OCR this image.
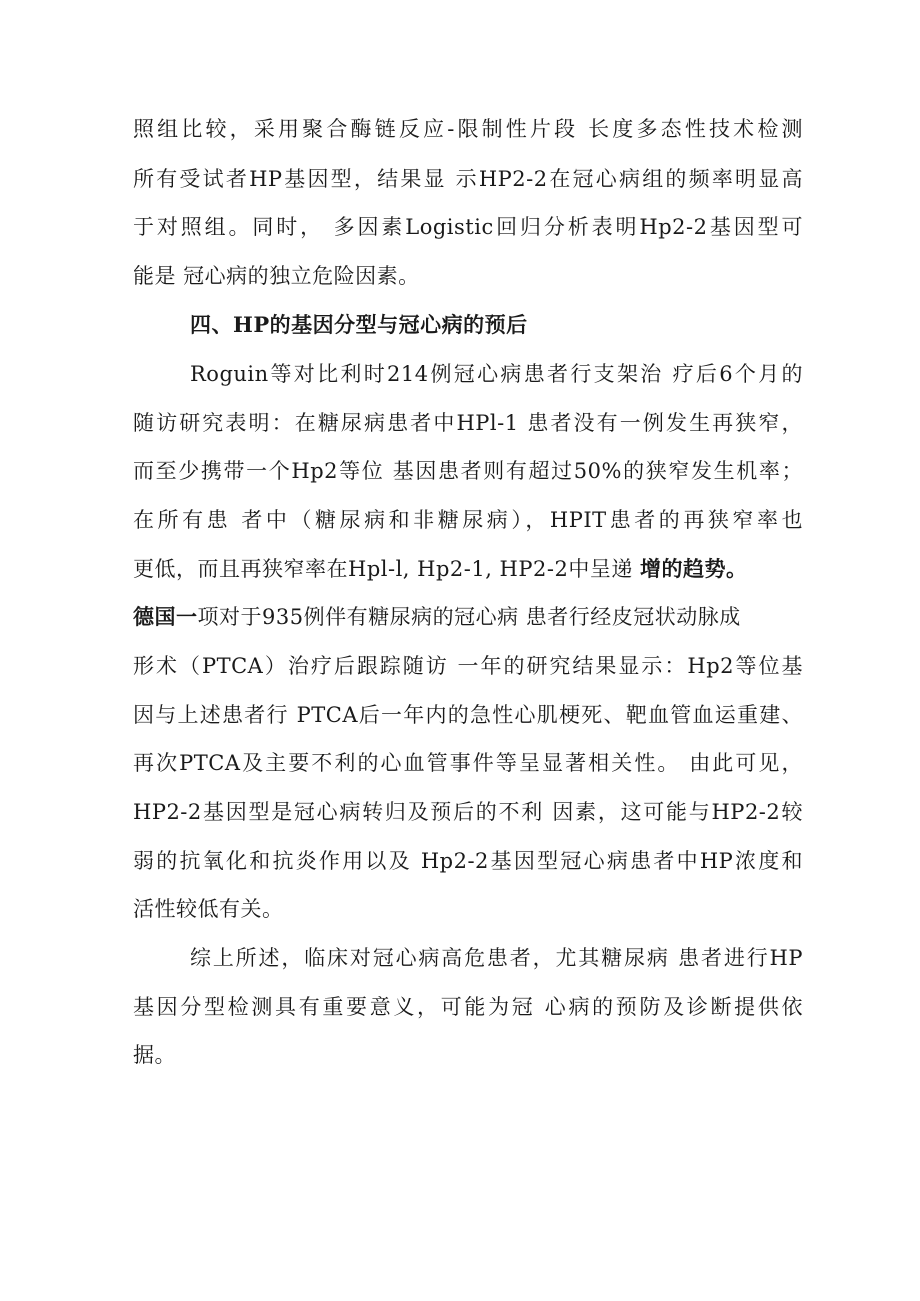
照组比较，采用聚合酶链反应-限制性片段 长度多态性技术检测
所有受试者HP基因型，结果显 示HP2-2在冠心病组的频率明显高
于对照组。同时， 多因素Logistic回归分析表明Hp2-2基因型可
能是 冠心病的独立危险因素。
四、HP的基因分型与冠心病的预后
Roguin等对比利时214例冠心病患者行支架治 疗后6个月的
随访研究表明：在糖尿病患者中HPl-1 患者没有一例发生再狭窄，
而至少携带一个Hp2等位 基因患者则有超过50%的狭窄发生机率；
在所有患 者中（糖尿病和非糖尿病），HPIT患者的再狭窄率也
更低，而且再狭窄率在Hpl-l, Hp2-1, HP2-2中呈递 增的趋势。
德国一项对于935例伴有糖尿病的冠心病 患者行经皮冠状动脉成
形术（PTCA）治疗后跟踪随访 一年的研究结果显示：Hp2等位基
因与上述患者行 PTCA后一年内的急性心肌梗死、靶血管血运重建、
再次PTCA及主要不利的心血管事件等呈显著相关性。 由此可见，
HP2-2基因型是冠心病转归及预后的不利 因素，这可能与HP2-2较
弱的抗氧化和抗炎作用以及 Hp2-2基因型冠心病患者中HP浓度和
活性较低有关。
综上所述，临床对冠心病高危患者，尤其糖尿病 患者进行HP
基因分型检测具有重要意义，可能为冠 心病的预防及诊断提供依
据。
